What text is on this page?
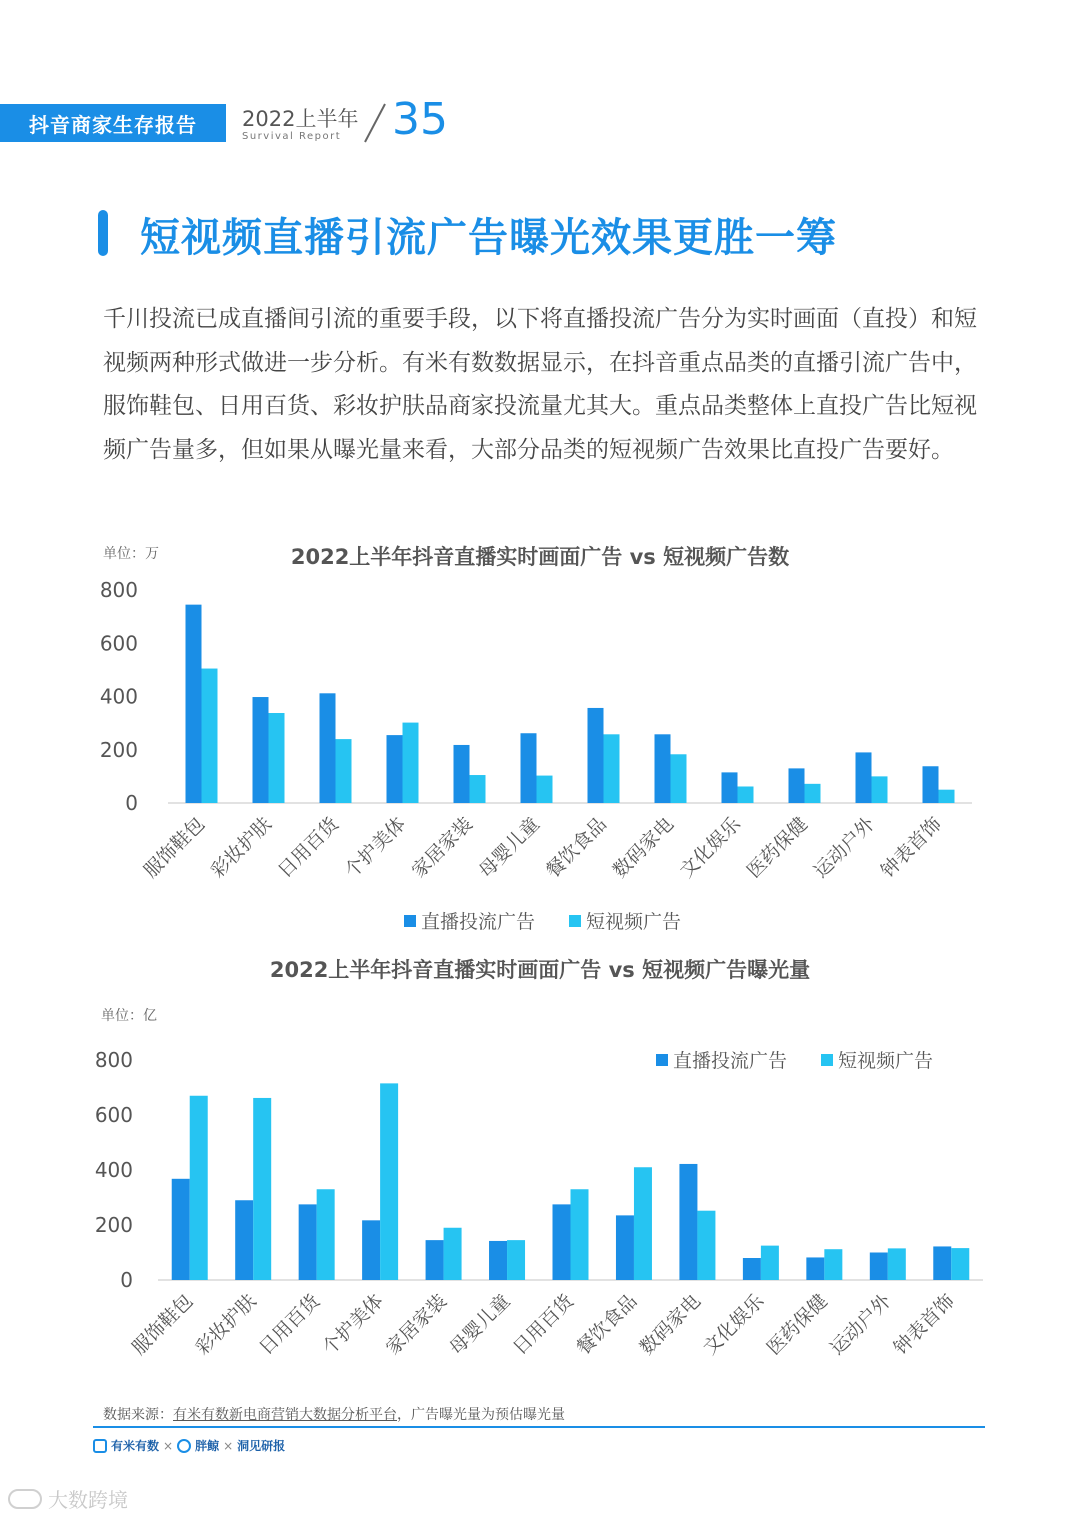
抖音商家生存报告	2022上半年
Survival Report 35
短视频直播引流广告曝光效果更胜一筹
千川投流已成直播间引流的重要手段，以下将直播投流广告分为实时画面（直投）和短视频两种形式做进一步分析。有米有数数据显示，在抖音重点品类的直播引流广告中，服饰鞋包、日用百货、彩妆护肤品商家投流量尤其大。重点品类整体上直投广告比短视频广告量多，但如果从曝光量来看，大部分品类的短视频广告效果比直投广告要好。
2022上半年抖音直播实时画面广告 vs 短视频广告数
单位：万
0
200
400
600
800
服饰鞋包
彩妆护肤
日用百货
个护美体
家居家装
母婴儿童
餐饮食品
数码家电
文化娱乐
医药保健
运动户外
钟表首饰
直播投流广告	短视频广告
2022上半年抖音直播实时画面广告 vs 短视频广告曝光量
单位：亿
0
200
400
600
800
服饰鞋包
彩妆护肤
日用百货
个护美体
家居家装
母婴儿童
日用百货
餐饮食品
数码家电
文化娱乐
医药保健
运动户外
钟表首饰
直播投流广告	短视频广告
数据来源：有米有数新电商营销大数据分析平台，广告曝光量为预估曝光量
有米有数 × 胖鲸 × 洞见研报
大数跨境
